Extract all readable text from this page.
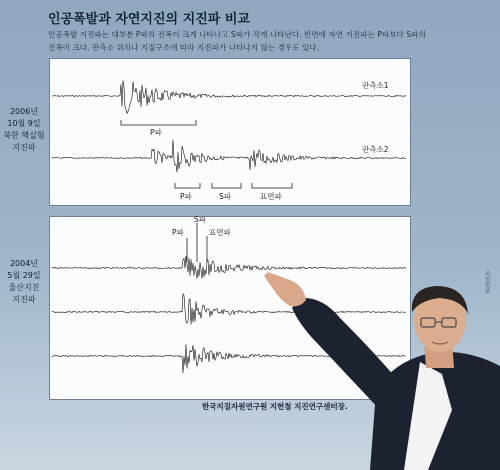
인공폭발과 자연지진의 지진파 비교
인공폭발 지진파는 대부분 P파의 진폭이 크게 나타나고 S파가 작게 나타난다. 반면에 자연 지진파는 P파보다 S파의 진폭이 크다. 관측소 위치나 지질구조에 따라 지진파가 나타나지 않는 경우도 있다.
2006년
10월 9일
북한 핵실험
지진파
2004년
5월 29일
울산지진
지진파
관측소1
관측소2
P파
P파	S파	표면파
P파
S파
표면파
조선일보
한국지질자원연구원 지헌철 지진연구센터장.
